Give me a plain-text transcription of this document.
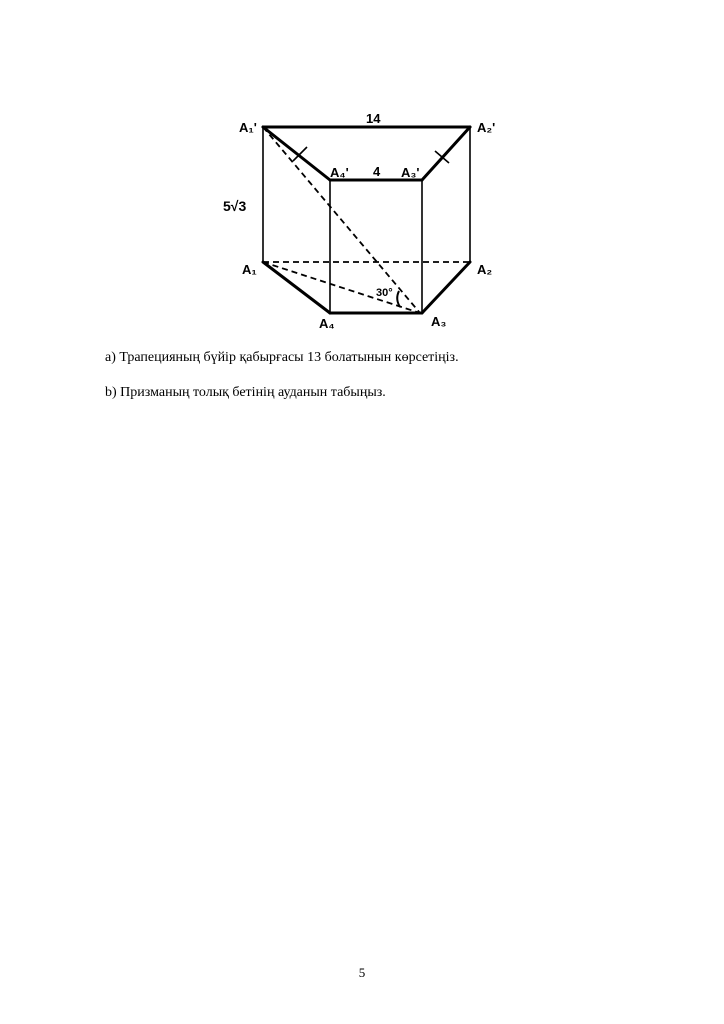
A₁'	A₂'
A₄'	A₃'
A₁	A₂
A₄	A₃
14
4
5√3
30°
a) Трапецияның бүйір қабырғасы 13 болатынын көрсетіңіз.
b) Призманың толық бетінің ауданын табыңыз.
5
